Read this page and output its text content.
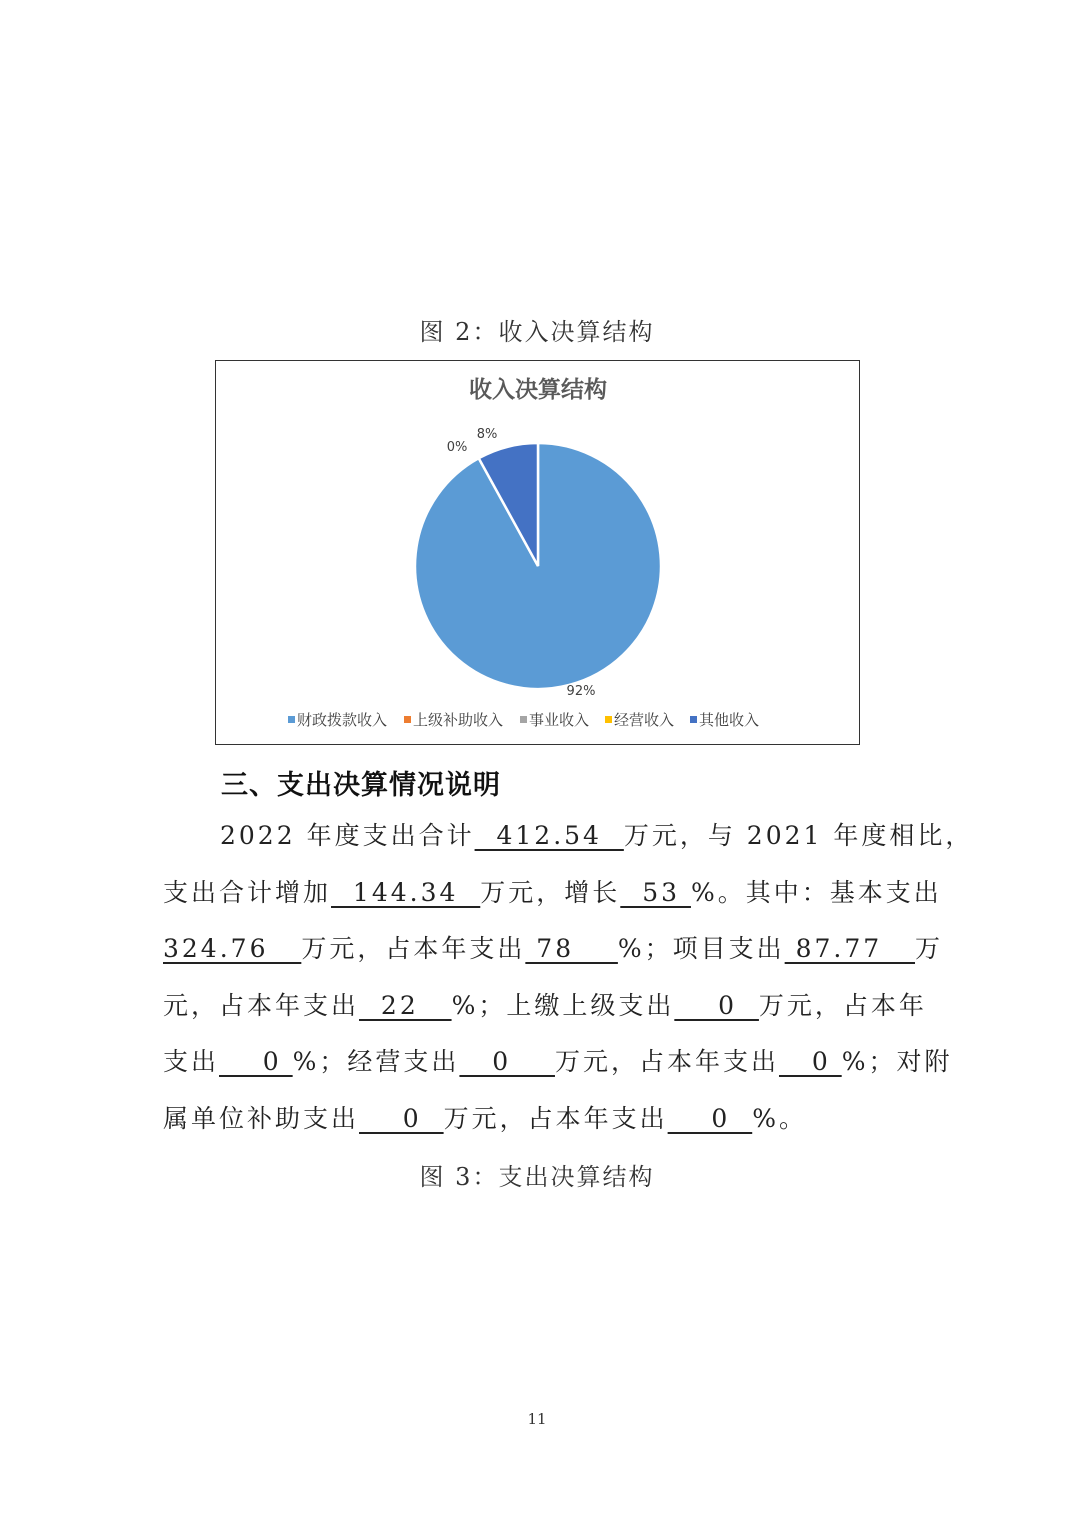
图 2：收入决算结构
收入决算结构
92%
0%
8%
财政拨款收入 上级补助收入 事业收入 经营收入 其他收入
三、支出决算情况说明
2022 年度支出合计  412.54  万元，与 2021 年度相比，
支出合计增加  144.34  万元，增长  53 %。其中：基本支出
324.76   万元，占本年支出 78    %；项目支出 87.77   万
元，占本年支出  22   %；上缴上级支出    0  万元，占本年
支出    0 %；经营支出   0    万元，占本年支出   0 %；对附
属单位补助支出    0  万元，占本年支出    0  %。
图 3：支出决算结构
11
